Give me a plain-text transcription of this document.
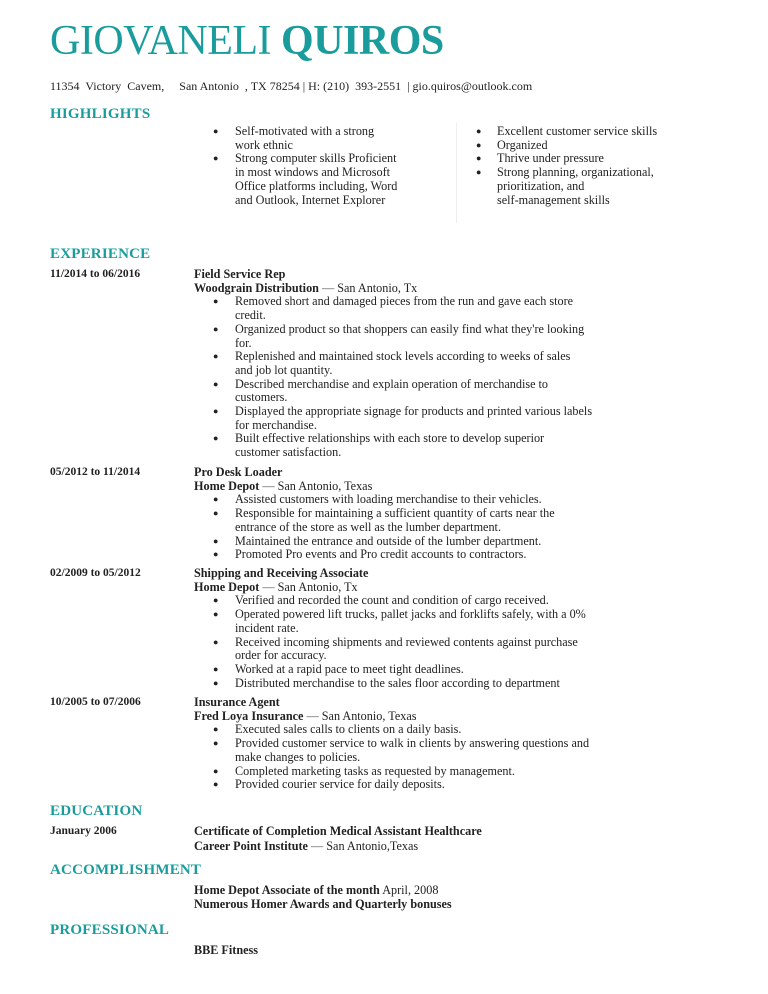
GIOVANELI QUIROS
11354  Victory  Cavem,     San Antonio  , TX 78254 | H: (210)  393-2551  | gio.quiros@outlook.com
HIGHLIGHTS
EXPERIENCE
EDUCATION
ACCOMPLISHMENT
PROFESSIONAL
● Self-motivated with a strong
work ethnic
● Strong computer skills Proficient
in most windows and Microsoft
Office platforms including, Word
and Outlook, Internet Explorer
● Excellent customer service skills
● Organized
● Thrive under pressure
● Strong planning, organizational,
prioritization, and
self-management skills
11/2014 to 06/2016	Field Service Rep
Woodgrain Distribution — San Antonio, Tx
● Removed short and damaged pieces from the run and gave each store
credit.
● Organized product so that shoppers can easily find what they're looking
for.
● Replenished and maintained stock levels according to weeks of sales
and job lot quantity.
● Described merchandise and explain operation of merchandise to
customers.
● Displayed the appropriate signage for products and printed various labels
for merchandise.
● Built effective relationships with each store to develop superior
customer satisfaction.
05/2012 to 11/2014	Pro Desk Loader
Home Depot — San Antonio, Texas
● Assisted customers with loading merchandise to their vehicles.
● Responsible for maintaining a sufficient quantity of carts near the
entrance of the store as well as the lumber department.
● Maintained the entrance and outside of the lumber department.
● Promoted Pro events and Pro credit accounts to contractors.
02/2009 to 05/2012	Shipping and Receiving Associate
Home Depot — San Antonio, Tx
● Verified and recorded the count and condition of cargo received.
● Operated powered lift trucks, pallet jacks and forklifts safely, with a 0%
incident rate.
● Received incoming shipments and reviewed contents against purchase
order for accuracy.
● Worked at a rapid pace to meet tight deadlines.
● Distributed merchandise to the sales floor according to department
10/2005 to 07/2006	Insurance Agent
Fred Loya Insurance — San Antonio, Texas
● Executed sales calls to clients on a daily basis.
● Provided customer service to walk in clients by answering questions and
make changes to policies.
● Completed marketing tasks as requested by management.
● Provided courier service for daily deposits.
January 2006	Certificate of Completion Medical Assistant Healthcare
Career Point Institute — San Antonio,Texas
Home Depot Associate of the month April, 2008
Numerous Homer Awards and Quarterly bonuses
BBE Fitness
